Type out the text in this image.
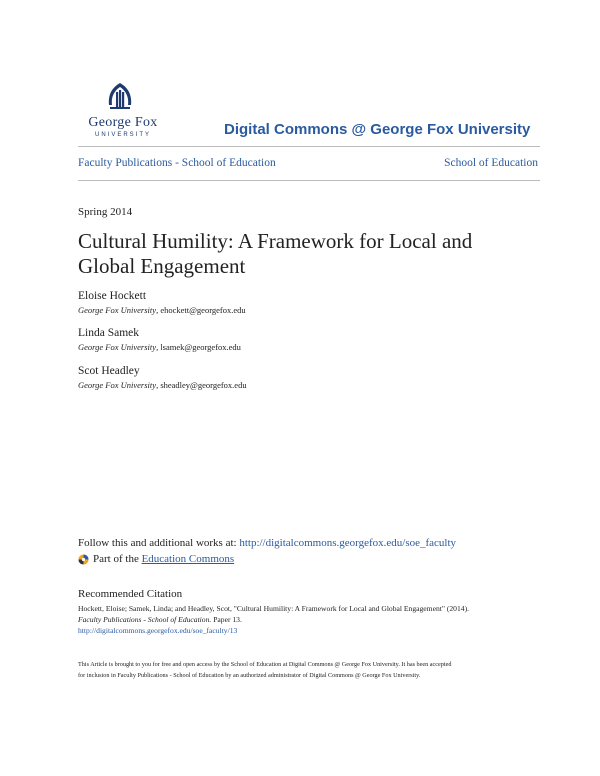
George Fox
UNIVERSITY	Digital Commons @ George Fox University
Faculty Publications - School of Education	School of Education
Spring 2014
Cultural Humility: A Framework for Local and Global Engagement
Eloise Hockett
George Fox University, ehockett@georgefox.edu
Linda Samek
George Fox University, lsamek@georgefox.edu
Scot Headley
George Fox University, sheadley@georgefox.edu
Follow this and additional works at: http://digitalcommons.georgefox.edu/soe_faculty
Part of the
Education Commons
Recommended Citation
Hockett, Eloise; Samek, Linda; and Headley, Scot, "Cultural Humility: A Framework for Local and Global Engagement" (2014).
Faculty Publications - School of Education. Paper 13.
http://digitalcommons.georgefox.edu/soe_faculty/13
This Article is brought to you for free and open access by the School of Education at Digital Commons @ George Fox University. It has been accepted
for inclusion in Faculty Publications - School of Education by an authorized administrator of Digital Commons @ George Fox University.
